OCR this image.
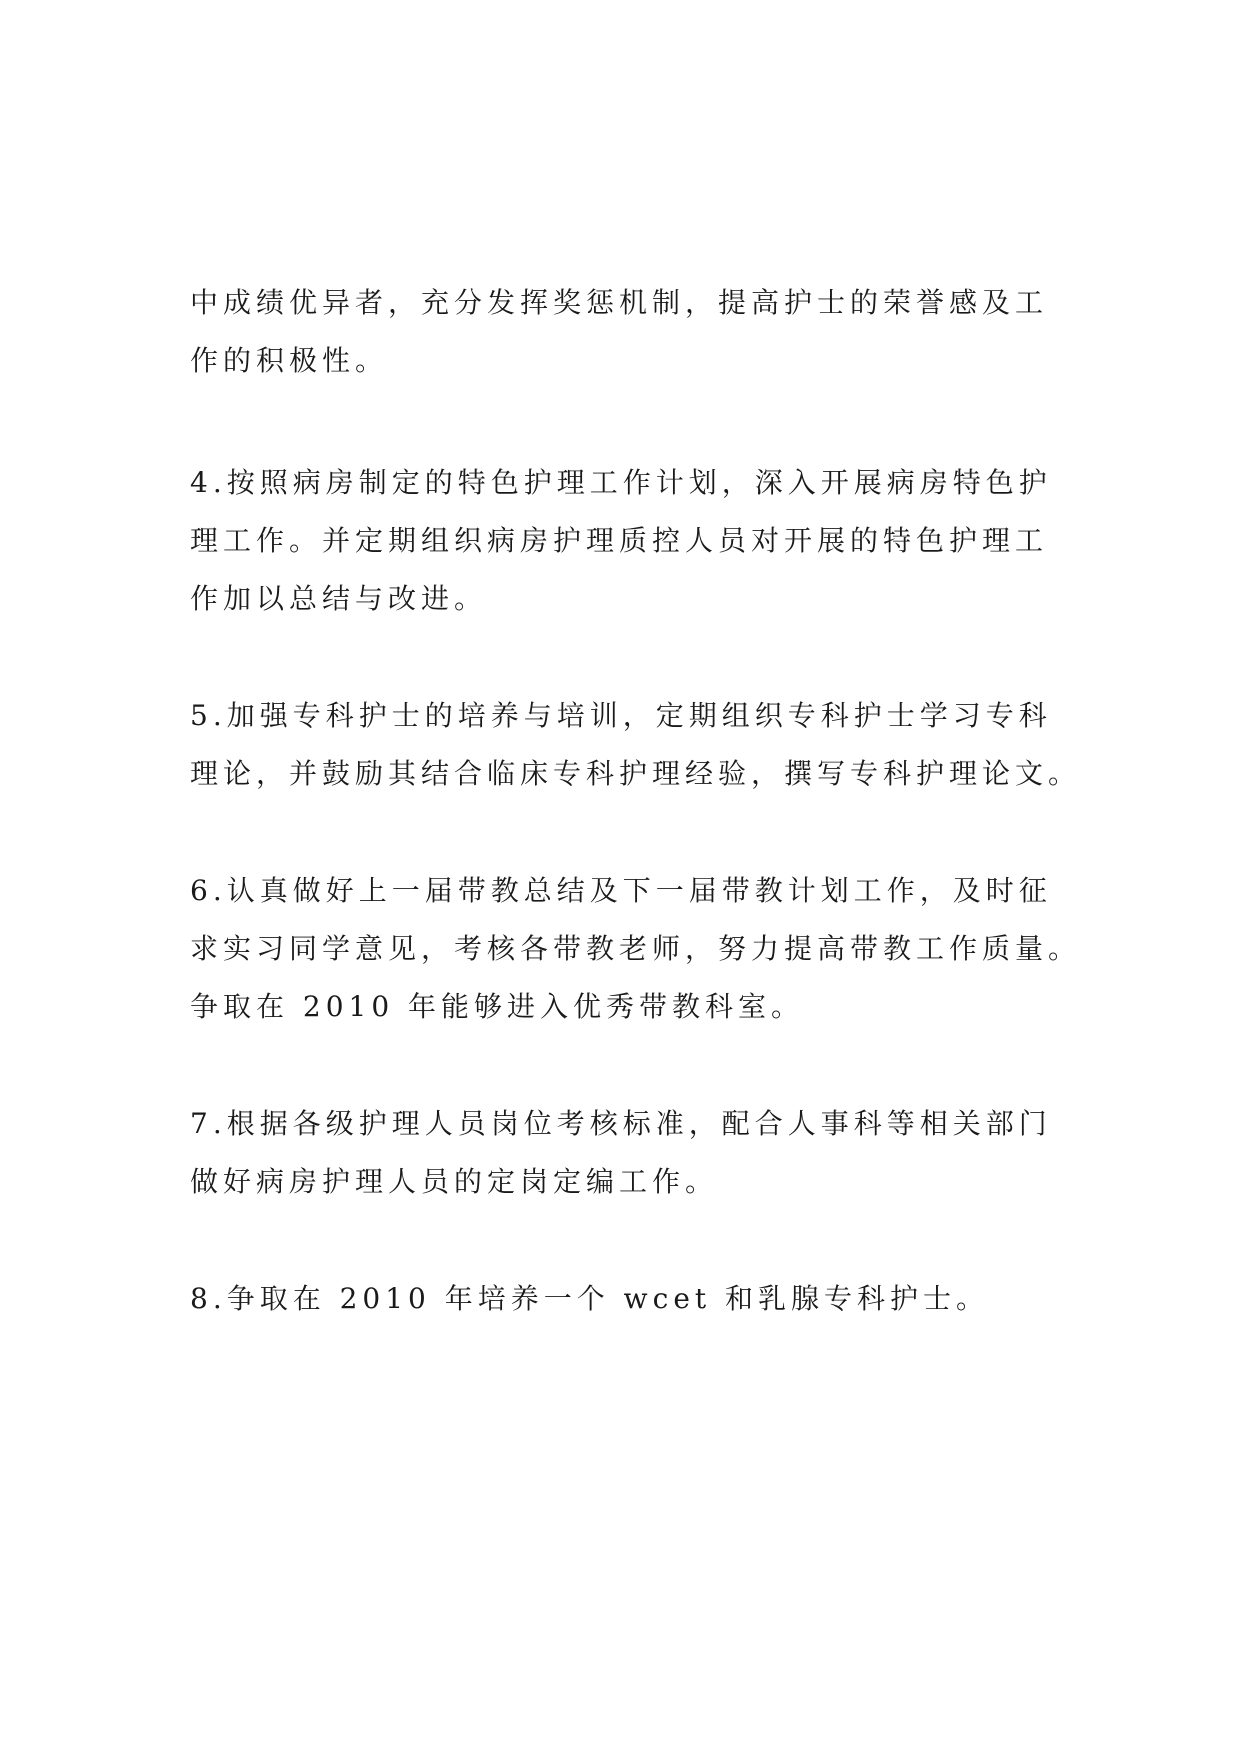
中成绩优异者，充分发挥奖惩机制，提高护士的荣誉感及工
作的积极性。

4.按照病房制定的特色护理工作计划，深入开展病房特色护
理工作。并定期组织病房护理质控人员对开展的特色护理工
作加以总结与改进。

5.加强专科护士的培养与培训，定期组织专科护士学习专科
理论，并鼓励其结合临床专科护理经验，撰写专科护理论文。

6.认真做好上一届带教总结及下一届带教计划工作，及时征
求实习同学意见，考核各带教老师，努力提高带教工作质量。
争取在 2010 年能够进入优秀带教科室。

7.根据各级护理人员岗位考核标准，配合人事科等相关部门
做好病房护理人员的定岗定编工作。

8.争取在 2010 年培养一个 wcet 和乳腺专科护士。
